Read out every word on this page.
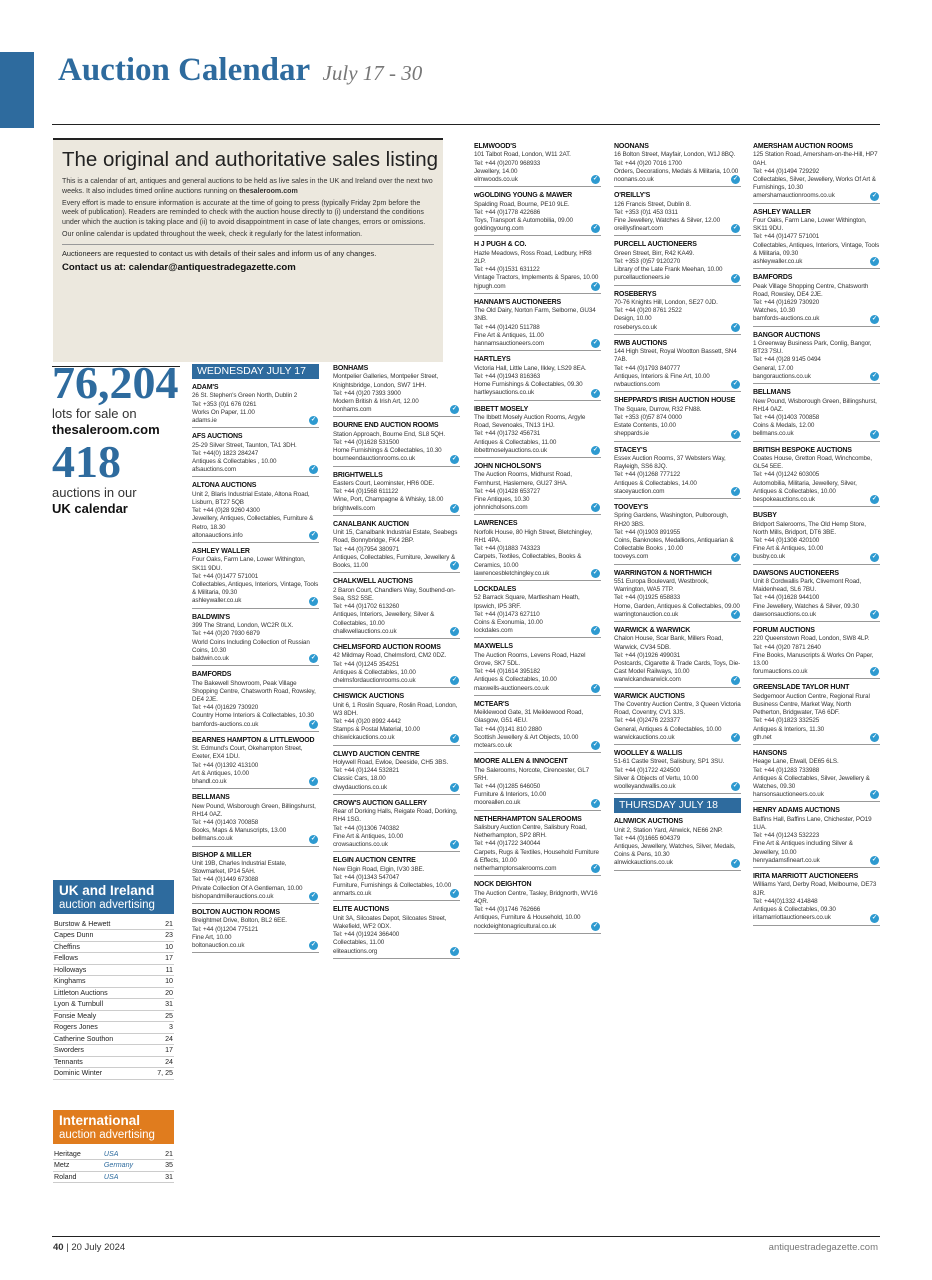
Auction Calendar July 17 - 30
The original and authoritative sales listing

This is a calendar of art, antiques and general auctions to be held as live sales in the UK and Ireland over the next two weeks. It also includes timed online auctions running on thesaleroom.com

Every effort is made to ensure information is accurate at the time of going to press (typically Friday 2pm before the week of publication). Readers are reminded to check with the auction house directly to (i) understand the conditions under which the auction is taking place and (ii) to avoid disappointment in case of late changes, errors or omissions.

Our online calendar is updated throughout the week, check it regularly for the latest information.

Auctioneers are requested to contact us with details of their sales and inform us of any changes.

Contact us at: calendar@antiquestradegazette.com

76,204
lots for sale on
thesaleroom.com
418
auctions in our
UK calendar
UK and Ireland
auction advertising
Burstow & Hewett	21
Capes Dunn	23
Cheffins	10
Fellows	17
Holloways	11
Kinghams	10
Littleton Auctions	20
Lyon & Turnbull	31
Fonsie Mealy	25
Rogers Jones	3
Catherine Southon	24
Sworders	17
Tennants	24
Dominic Winter	7, 25
International
auction advertising
Heritage	USA	21
Metz	Germany	35
Roland	USA	31
WEDNESDAY JULY 17
ADAM'S

26 St. Stephen's Green North, Dublin 2

Tel: +353 (0)1 676 0261

Works On Paper, 11.00

adams.ie	✓
AFS AUCTIONS

25-29 Silver Street, Taunton, TA1 3DH.

Tel: +44(0) 1823 284247

Antiques & Collectables , 10.00

afsauctions.com	✓
ALTONA AUCTIONS

Unit 2, Blaris Industrial Estate, Altona Road, Lisburn, BT27 5QB

Tel: +44 (0)28 9260 4300

Jewellery, Antiques, Collectables, Furniture & Retro, 18.30

altonaauctions.info	✓
ASHLEY WALLER

Four Oaks, Farm Lane, Lower Withington, SK11 9DU.

Tel: +44 (0)1477 571001

Collectables, Antiques, Interiors, Vintage, Tools & Militaria, 09.30

ashleywaller.co.uk	✓
BALDWIN'S

399 The Strand, London, WC2R 0LX.

Tel: +44 (0)20 7930 6879

World Coins Including Collection of Russian Coins, 10.30

baldwin.co.uk	✓
BAMFORDS

The Bakewell Showroom, Peak Village Shopping Centre, Chatsworth Road, Rowsley, DE4 2JE.

Tel: +44 (0)1629 730920

Country Home Interiors & Collectables, 10.30

bamfords-auctions.co.uk	✓
BEARNES HAMPTON & LITTLEWOOD

St. Edmund's Court, Okehampton Street, Exeter, EX4 1DU.

Tel: +44 (0)1392 413100

Art & Antiques, 10.00

bhandl.co.uk	✓
BELLMANS

New Pound, Wisborough Green, Billingshurst, RH14 0AZ.

Tel: +44 (0)1403 700858

Books, Maps & Manuscripts, 13.00

bellmans.co.uk	✓
BISHOP & MILLER

Unit 19B, Charles Industrial Estate, Stowmarket, IP14 5AH.

Tel: +44 (0)1449 673088

Private Collection Of A Gentleman, 10.00

bishopandmillerauctions.co.uk	✓
BOLTON AUCTION ROOMS

Breightmet Drive, Bolton, BL2 6EE.

Tel: +44 (0)1204 775121

Fine Art, 10.00

boltonauction.co.uk	✓
BONHAMS

Montpelier Galleries, Montpelier Street, Knightsbridge, London, SW7 1HH.

Tel: +44 (0)20 7393 3900

Modern British & Irish Art, 12.00

bonhams.com	✓
BOURNE END AUCTION ROOMS

Station Approach, Bourne End, SL8 5QH.

Tel: +44 (0)1628 531500

Home Furnishings & Collectables, 10.30

bourneendauctionrooms.co.uk	✓
BRIGHTWELLS

Easters Court, Leominster, HR6 0DE.

Tel: +44 (0)1568 611122

Wine, Port, Champagne & Whisky, 18.00

brightwells.com	✓
CANALBANK AUCTION

Unit 15, Canalbank Industrial Estate, Seabegs Road, Bonnybridge, FK4 2BP.

Tel: +44 (0)7954 380971

Antiques, Collectables, Furniture, Jewellery & Books, 11.00	✓
CHALKWELL AUCTIONS

2 Baron Court, Chandlers Way, Southend-on-Sea, SS2 5SE.

Tel: +44 (0)1702 613260

Antiques, Interiors, Jewellery, Silver & Collectables, 10.00

chalkwellauctions.co.uk	✓
CHELMSFORD AUCTION ROOMS

42 Mildmay Road, Chelmsford, CM2 0DZ.

Tel: +44 (0)1245 354251

Antiques & Collectables, 10.00

chelmsfordauctionrooms.co.uk	✓
CHISWICK AUCTIONS

Unit 6, 1 Roslin Square, Roslin Road, London, W3 8DH.

Tel: +44 (0)20 8992 4442

Stamps & Postal Material, 10.00

chiswickauctions.co.uk	✓
CLWYD AUCTION CENTRE

Holywell Road, Ewloe, Deeside, CH5 3BS.

Tel: +44 (0)1244 532821

Classic Cars, 18.00

clwydauctions.co.uk	✓
CROW'S AUCTION GALLERY

Rear of Dorking Halls, Reigate Road, Dorking, RH4 1SG.

Tel: +44 (0)1306 740382

Fine Art & Antiques, 10.00

crowsauctions.co.uk	✓
ELGIN AUCTION CENTRE

New Elgin Road, Elgin, IV30 3BE.

Tel: +44 (0)1343 547047

Furniture, Furnishings & Collectables, 10.00

anmarts.co.uk	✓
ELITE AUCTIONS

Unit 3A, Silcoates Depot, Silcoates Street, Wakefield, WF2 0DX.

Tel: +44 (0)1924 366400

Collectables, 11.00

eliteauctions.org	✓
ELMWOOD'S

101 Talbot Road, London, W11 2AT.

Tel: +44 (0)2070 968933

Jewellery, 14.00

elmwoods.co.uk	✓
wGOLDING YOUNG & MAWER

Spalding Road, Bourne, PE10 9LE.

Tel: +44 (0)1778 422686

Toys, Transport & Automobilia, 09.00

goldingyoung.com	✓
H J PUGH & CO.

Hazle Meadows, Ross Road, Ledbury, HR8 2LP.

Tel: +44 (0)1531 631122

Vintage Tractors, Implements & Spares, 10.00

hjpugh.com	✓
HANNAM'S AUCTIONEERS

The Old Dairy, Norton Farm, Selborne, GU34 3NB.

Tel: +44 (0)1420 511788

Fine Art & Antiques, 11.00

hannamsauctioneers.com	✓
HARTLEYS

Victoria Hall, Little Lane, Ilkley, LS29 8EA.

Tel: +44 (0)1943 816363

Home Furnishings & Collectables, 09.30

hartleysauctions.co.uk	✓
IBBETT MOSELY

The Ibbett Mosely Auction Rooms, Argyle Road, Sevenoaks, TN13 1HJ.

Tel: +44 (0)1732 456731

Antiques & Collectables, 11.00

ibbettmoselyauctions.co.uk	✓
JOHN NICHOLSON'S

The Auction Rooms, Midhurst Road, Fernhurst, Haslemere, GU27 3HA.

Tel: +44 (0)1428 653727

Fine Antiques, 10.30

johnnicholsons.com	✓
LAWRENCES

Norfolk House, 80 High Street, Bletchingley, RH1 4PA.

Tel: +44 (0)1883 743323

Carpets, Textiles, Collectables, Books & Ceramics, 10.00

lawrencesbletchingley.co.uk	✓
LOCKDALES

52 Barrack Square, Martlesham Heath, Ipswich, IP5 3RF.

Tel: +44 (0)1473 627110

Coins & Exonumia, 10.00

lockdales.com	✓
MAXWELLS

The Auction Rooms, Levens Road, Hazel Grove, SK7 5DL.

Tel: +44 (0)1614 395182

Antiques & Collectables, 10.00

maxwells-auctioneers.co.uk	✓
MCTEAR'S

Meiklewood Gate, 31 Meiklewood Road, Glasgow, G51 4EU.

Tel: +44 (0)141 810 2880

Scottish Jewellery & Art Objects, 10.00

mctears.co.uk	✓
MOORE ALLEN & INNOCENT

The Salerooms, Norcote, Cirencester, GL7 5RH.

Tel: +44 (0)1285 646050

Furniture & Interiors, 10.00

mooreallen.co.uk	✓
NETHERHAMPTON SALEROOMS

Salisbury Auction Centre, Salisbury Road, Netherhampton, SP2 8RH.

Tel: +44 (0)1722 340044

Carpets, Rugs & Textiles, Household Furniture & Effects, 10.00

netherhamptonsalerooms.com	✓
NOCK DEIGHTON

The Auction Centre, Tasley, Bridgnorth, WV16 4QR.

Tel: +44 (0)1746 762666

Antiques, Furniture & Household, 10.00

nockdeightonagricultural.co.uk	✓
NOONANS

16 Bolton Street, Mayfair, London, W1J 8BQ.

Tel: +44 (0)20 7016 1700

Orders, Decorations, Medals & Militaria, 10.00

noonans.co.uk	✓
O'REILLY'S

126 Francis Street, Dublin 8.

Tel: +353 (0)1 453 0311

Fine Jewellery, Watches & Silver, 12.00

oreillysfineart.com	✓
PURCELL AUCTIONEERS

Green Street, Birr, R42 KA49.

Tel: +353 (0)57 9120270

Library of the Late Frank Meehan, 10.00

purcellauctioneers.ie	✓
ROSEBERYS

70-76 Knights Hill, London, SE27 0JD.

Tel: +44 (0)20 8761 2522

Design, 10.00

roseberys.co.uk	✓
RWB AUCTIONS

144 High Street, Royal Wootton Bassett, SN4 7AB.

Tel: +44 (0)1793 840777

Antiques, Interiors & Fine Art, 10.00

rwbauctions.com	✓
SHEPPARD'S IRISH AUCTION HOUSE

The Square, Durrow, R32 FN88.

Tel: +353 (0)57 874 0000

Estate Contents, 10.00

sheppards.ie	✓
STACEY'S

Essex Auction Rooms, 37 Websters Way, Rayleigh, SS6 8JQ.

Tel: +44 (0)1268 777122

Antiques & Collectables, 14.00

staceyauction.com	✓
TOOVEY'S

Spring Gardens, Washington, Pulborough, RH20 3BS.

Tel: +44 (0)1903 891955

Coins, Banknotes, Medallions, Antiquarian & Collectable Books , 10.00

tooveys.com	✓
WARRINGTON & NORTHWICH

551 Europa Boulevard, Westbrook, Warrington, WA5 7TP.

Tel: +44 (0)1925 658833

Home, Garden, Antiques & Collectables, 09.00

warringtonauction.co.uk	✓
WARWICK & WARWICK

Chalon House, Scar Bank, Millers Road, Warwick, CV34 5DB.

Tel: +44 (0)1926 499031

Postcards, Cigarette & Trade Cards, Toys, Die-Cast Model Railways, 10.00

warwickandwarwick.com	✓
WARWICK AUCTIONS

The Coventry Auction Centre, 3 Queen Victoria Road, Coventry, CV1 3JS.

Tel: +44 (0)2476 223377

General, Antiques & Collectables, 10.00

warwickauctions.co.uk	✓
WOOLLEY & WALLIS

51-61 Castle Street, Salisbury, SP1 3SU.

Tel: +44 (0)1722 424500

Silver & Objects of Vertu, 10.00

woolleyandwallis.co.uk	✓
THURSDAY JULY 18
ALNWICK AUCTIONS

Unit 2, Station Yard, Alnwick, NE66 2NP.

Tel: +44 (0)1665 604379

Antiques, Jewellery, Watches, Silver, Medals, Coins & Pens, 10.30

alnwickauctions.co.uk	✓
AMERSHAM AUCTION ROOMS

125 Station Road, Amersham-on-the-Hill, HP7 0AH.

Tel: +44 (0)1494 729292

Collectables, Silver, Jewellery, Works Of Art & Furnishings, 10.30

amershamauctionrooms.co.uk	✓
ASHLEY WALLER

Four Oaks, Farm Lane, Lower Withington, SK11 9DU.

Tel: +44 (0)1477 571001

Collectables, Antiques, Interiors, Vintage, Tools & Militaria, 09.30

ashleywaller.co.uk	✓
BAMFORDS

Peak Village Shopping Centre, Chatsworth Road, Rowsley, DE4 2JE.

Tel: +44 (0)1629 730920

Watches, 10.30

bamfords-auctions.co.uk	✓
BANGOR AUCTIONS

1 Greenway Business Park, Conlig, Bangor, BT23 7SU.

Tel: +44 (0)28 9145 0494

General, 17.00

bangorauctions.co.uk	✓
BELLMANS

New Pound, Wisborough Green, Billingshurst, RH14 0AZ.

Tel: +44 (0)1403 700858

Coins & Medals, 12.00

bellmans.co.uk	✓
BRITISH BESPOKE AUCTIONS

Coates House, Gretton Road, Winchcombe, GL54 5EE.

Tel: +44 (0)1242 603005

Automobilia, Militaria, Jewellery, Silver, Antiques & Collectables, 10.00

bespokeauctions.co.uk	✓
BUSBY

Bridport Salerooms, The Old Hemp Store, North Mills, Bridport, DT6 3BE.

Tel: +44 (0)1308 420100

Fine Art & Antiques, 10.00

busby.co.uk	✓
DAWSONS AUCTIONEERS

Unit 8 Cordwallis Park, Clivemont Road, Maidenhead, SL6 7BU.

Tel: +44 (0)1628 944100

Fine Jewellery, Watches & Silver, 09.30

dawsonsauctions.co.uk	✓
FORUM AUCTIONS

220 Queenstown Road, London, SW8 4LP.

Tel: +44 (0)20 7871 2640

Fine Books, Manuscripts & Works On Paper, 13.00

forumauctions.co.uk	✓
GREENSLADE TAYLOR HUNT

Sedgemoor Auction Centre, Regional Rural Business Centre, Market Way, North Petherton, Bridgwater, TA6 6DF.

Tel: +44 (0)1823 332525

Antiques & Interiors, 11.30

gth.net	✓
HANSONS

Heage Lane, Etwall, DE65 6LS.

Tel: +44 (0)1283 733988

Antiques & Collectables, Silver, Jewellery & Watches, 09.30

hansonsauctioneers.co.uk	✓
HENRY ADAMS AUCTIONS

Baffins Hall, Baffins Lane, Chichester, PO19 1UA.

Tel: +44 (0)1243 532223

Fine Art & Antiques including Silver & Jewellery, 10.00

henryadamsfineart.co.uk	✓
IRITA MARRIOTT AUCTIONEERS

Williams Yard, Derby Road, Melbourne, DE73 8JR.

Tel: +44(0)1332 414848

Antiques & Collectables, 09.30

iritamarriottauctioneers.co.uk	✓
40 | 20 July 2024	antiquestradegazette.com
